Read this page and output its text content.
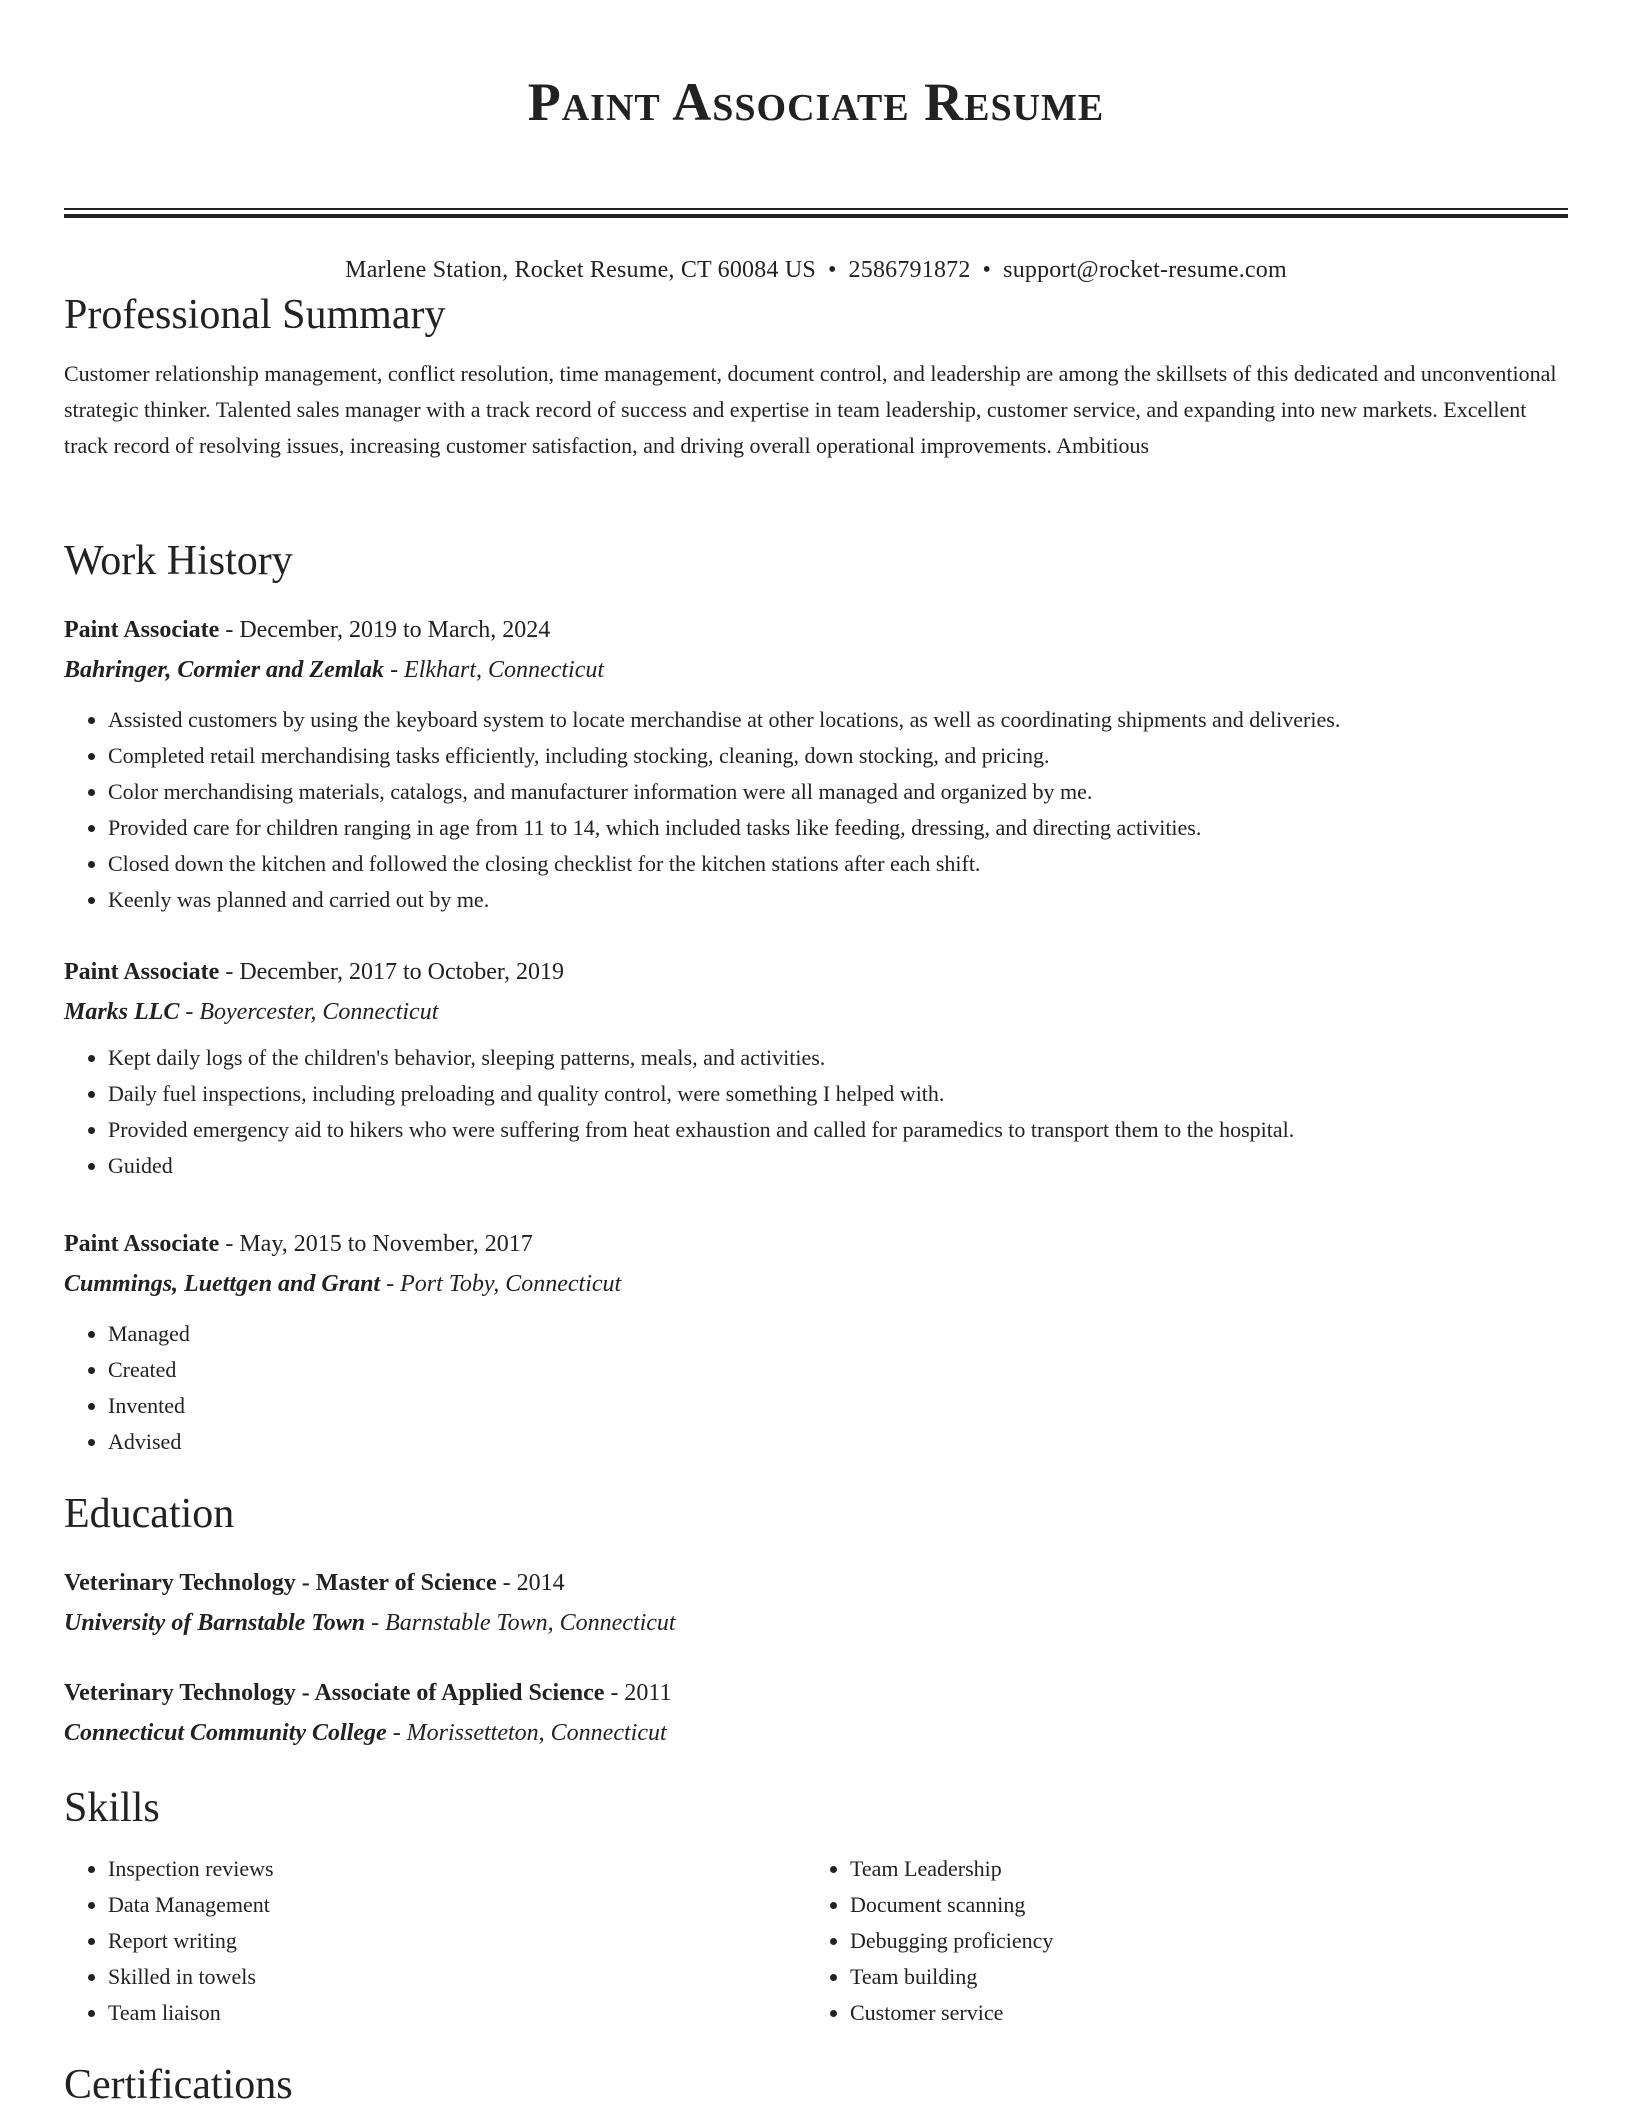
Paint Associate Resume
Marlene Station, Rocket Resume, CT 60084 US • 2586791872 • support@rocket-resume.com
Professional Summary

Customer relationship management, conflict resolution, time management, document control, and leadership are among the skillsets of this dedicated and unconventional strategic thinker. Talented sales manager with a track record of success and expertise in team leadership, customer service, and expanding into new markets. Excellent track record of resolving issues, increasing customer satisfaction, and driving overall operational improvements. Ambitious

Work History

Paint Associate - December, 2019 to March, 2024

Bahringer, Cormier and Zemlak - Elkhart, Connecticut

• Assisted customers by using the keyboard system to locate merchandise at other locations, as well as coordinating shipments and deliveries.
• Completed retail merchandising tasks efficiently, including stocking, cleaning, down stocking, and pricing.
• Color merchandising materials, catalogs, and manufacturer information were all managed and organized by me.
• Provided care for children ranging in age from 11 to 14, which included tasks like feeding, dressing, and directing activities.
• Closed down the kitchen and followed the closing checklist for the kitchen stations after each shift.
• Keenly was planned and carried out by me.

Paint Associate - December, 2017 to October, 2019

Marks LLC - Boyercester, Connecticut

• Kept daily logs of the children's behavior, sleeping patterns, meals, and activities.
• Daily fuel inspections, including preloading and quality control, were something I helped with.
• Provided emergency aid to hikers who were suffering from heat exhaustion and called for paramedics to transport them to the hospital.
• Guided

Paint Associate - May, 2015 to November, 2017

Cummings, Luettgen and Grant - Port Toby, Connecticut

• Managed
• Created
• Invented
• Advised
Education

Veterinary Technology - Master of Science - 2014

University of Barnstable Town - Barnstable Town, Connecticut

Veterinary Technology - Associate of Applied Science - 2011

Connecticut Community College - Morissetteton, Connecticut

Skills
• Inspection reviews
• Data Management
• Report writing
• Skilled in towels
• Team liaison
• Team Leadership
• Document scanning
• Debugging proficiency
• Team building
• Customer service
Certifications
